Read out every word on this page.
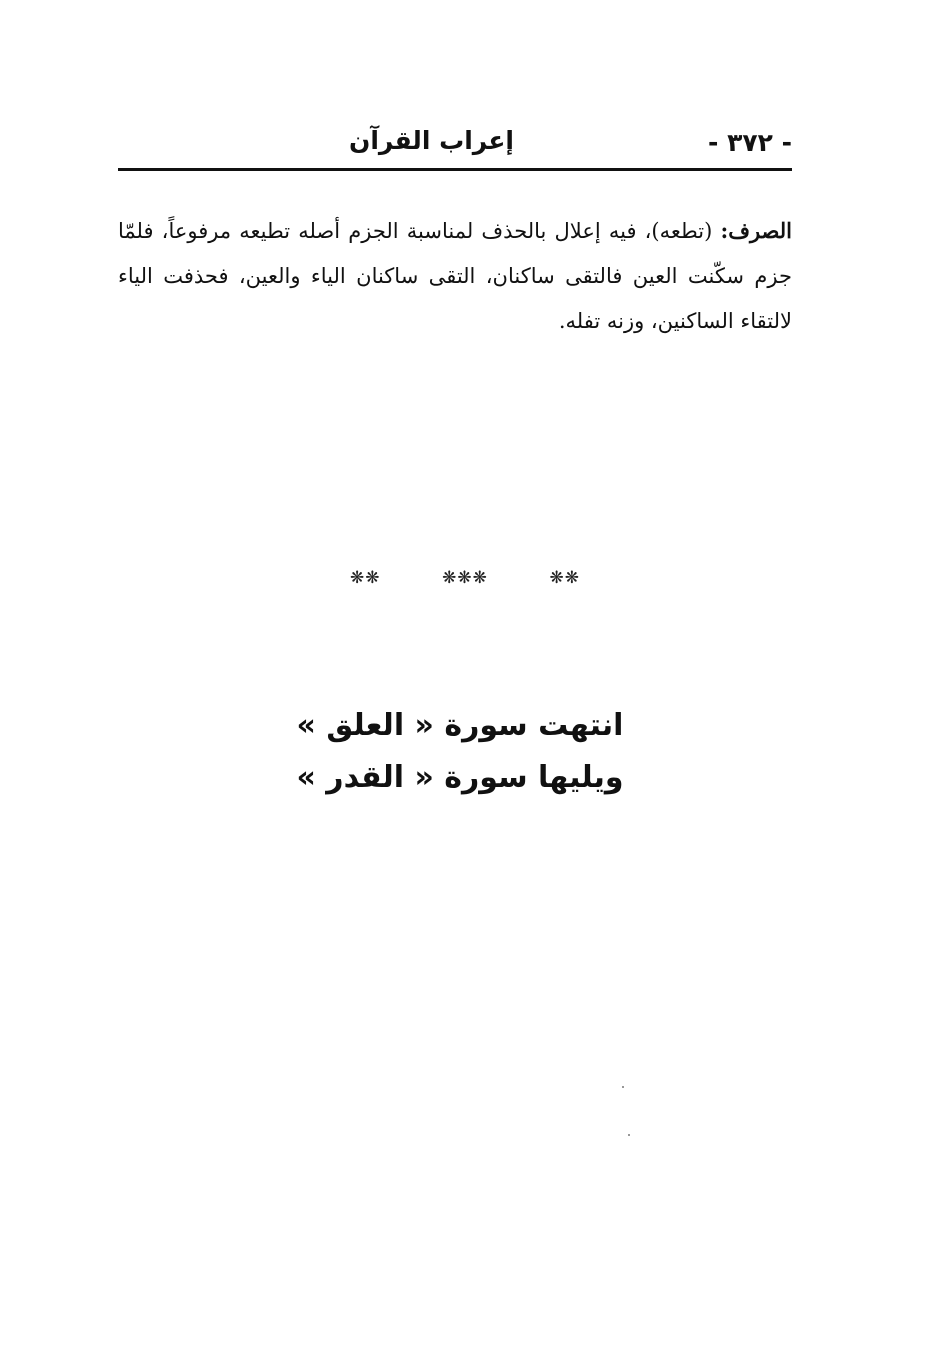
- ٣٧٢ -
إعراب القرآن
الصرف: (تطعه)، فيه إعلال بالحذف لمناسبة الجزم أصله تطيعه مرفوعاً، فلمّا جزم سكّنت العين فالتقى ساكنان، التقى ساكنان الياء والعين، فحذفت الياء لالتقاء الساكنين، وزنه تفله.
❋❋
❋❋❋
❋❋
انتهت سورة « العلق »
ويليها سورة « القدر »
